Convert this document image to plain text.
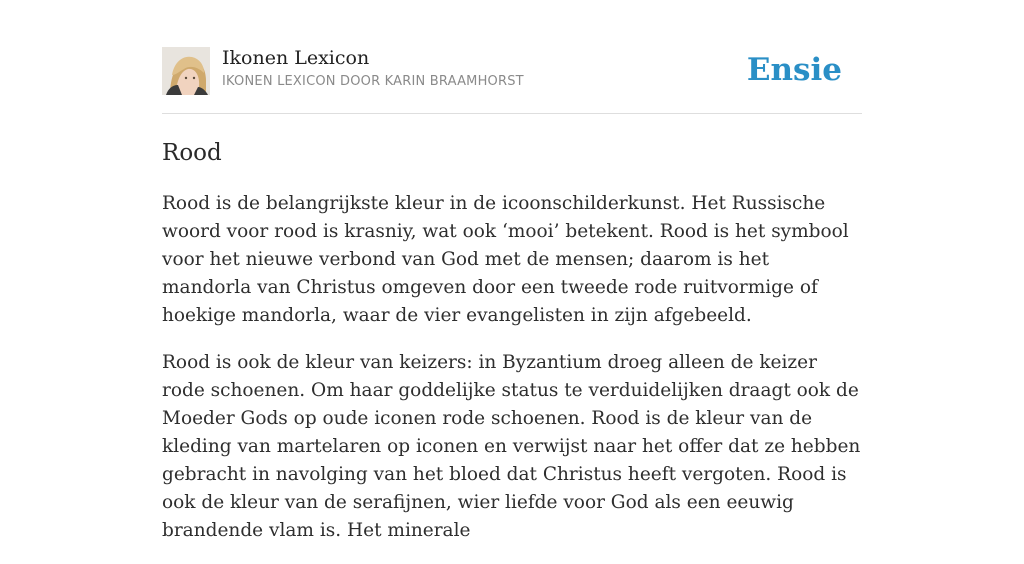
Ikonen Lexicon
IKONEN LEXICON DOOR KARIN BRAAMHORST	Ensie
Rood

Rood is de belangrijkste kleur in de icoonschilderkunst. Het Russische woord voor rood is krasniy, wat ook ‘mooi’ betekent. Rood is het symbool voor het nieuwe verbond van God met de mensen; daarom is het mandorla van Christus omgeven door een tweede rode ruitvormige of hoekige mandorla, waar de vier evangelisten in zijn afgebeeld.

Rood is ook de kleur van keizers: in Byzantium droeg alleen de keizer rode schoenen. Om haar goddelijke status te verduidelijken draagt ook de Moeder Gods op oude iconen rode schoenen. Rood is de kleur van de kleding van martelaren op iconen en verwijst naar het offer dat ze hebben gebracht in navolging van het bloed dat Christus heeft vergoten. Rood is ook de kleur van de serafijnen, wier liefde voor God als een eeuwig brandende vlam is. Het minerale
